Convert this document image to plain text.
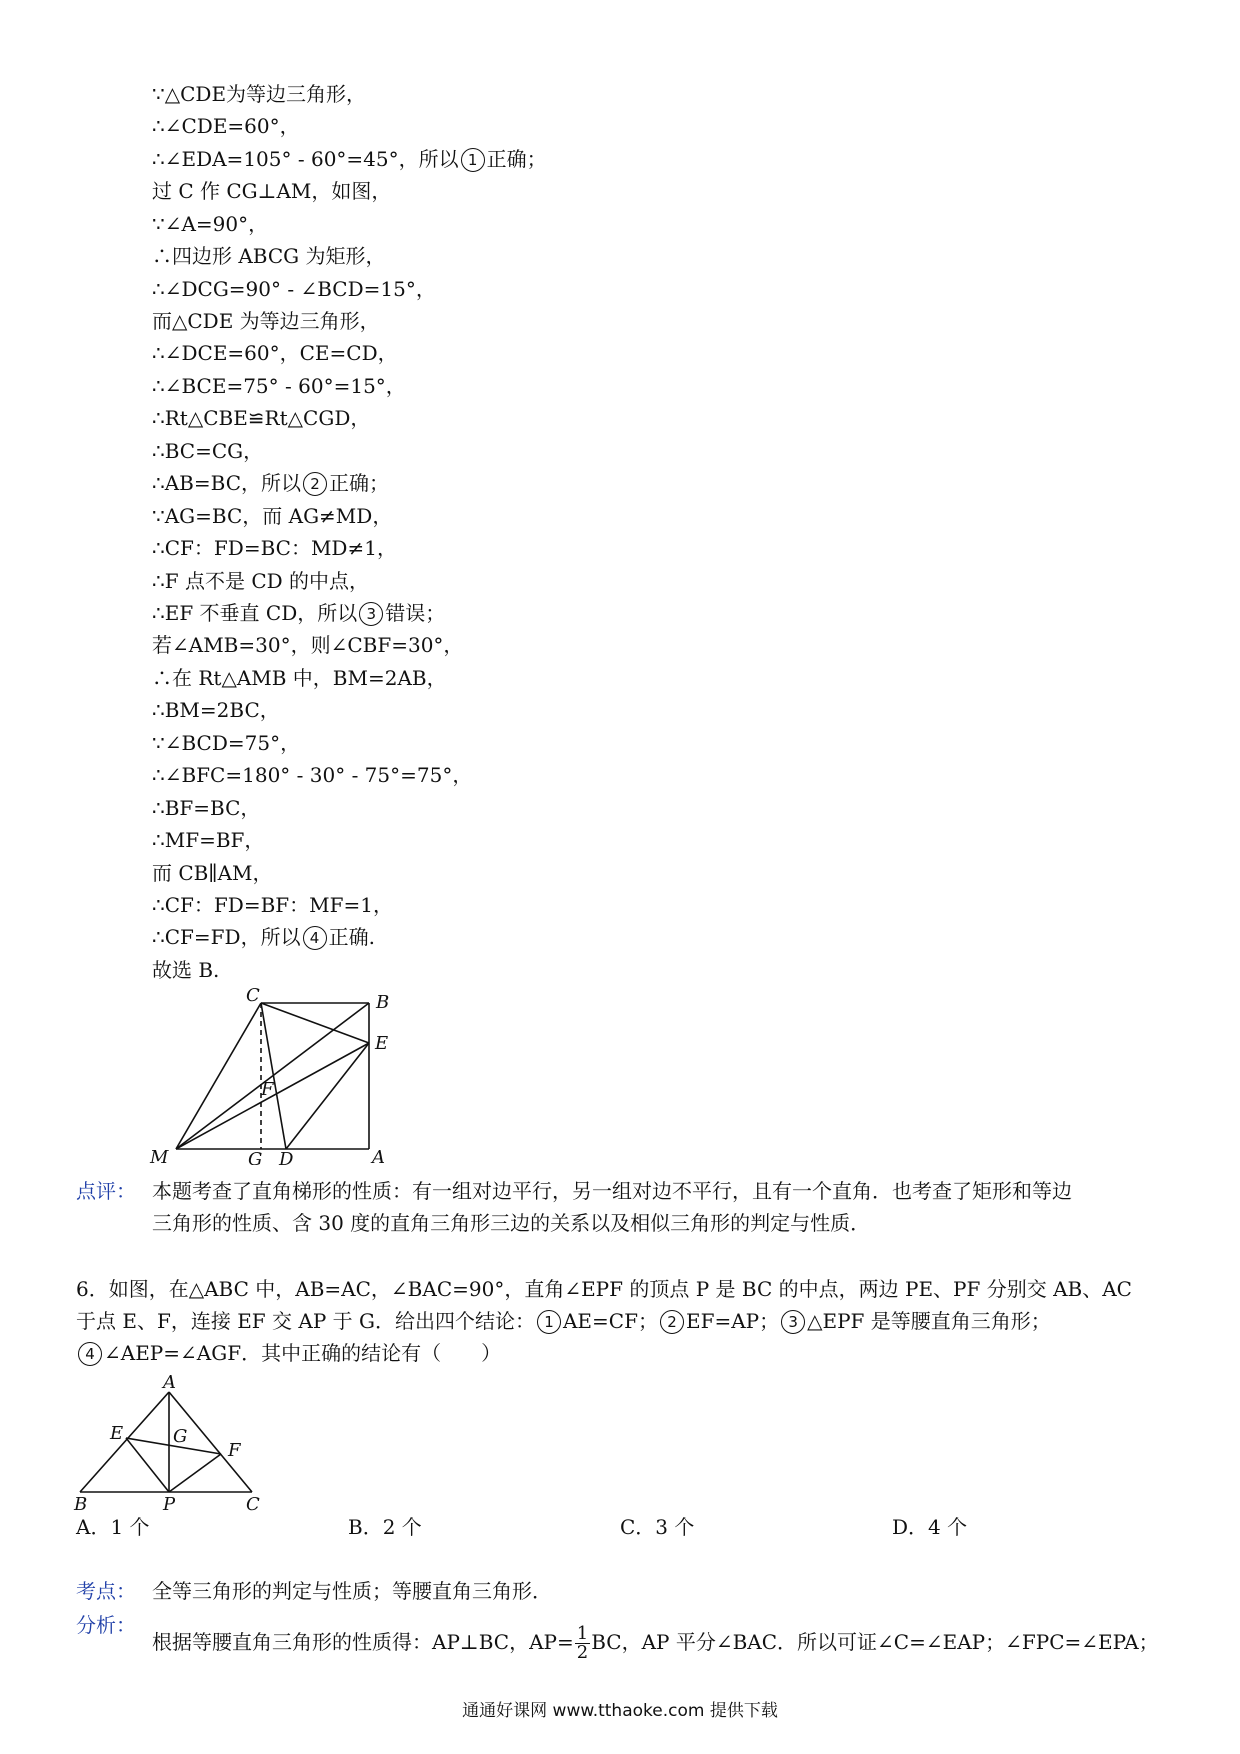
∵△CDE为等边三角形，
∴∠CDE=60°，
∴∠EDA=105° - 60°=45°，所以 1 正确；
过 C 作 CG⊥AM，如图，
∵∠A=90°，
∴四边形 ABCG 为矩形，
∴∠DCG=90° - ∠BCD=15°，
而△CDE 为等边三角形，
∴∠DCE=60°，CE=CD，
∴∠BCE=75° - 60°=15°，
∴Rt△CBE≌Rt△CGD，
∴BC=CG，
∴AB=BC，所以 2 正确；
∵AG=BC，而 AG≠MD，
∴CF：FD=BC：MD≠1，
∴F 点不是 CD 的中点，
∴EF 不垂直 CD，所以 3 错误；
若∠AMB=30°，则∠CBF=30°，
∴在 Rt△AMB 中，BM=2AB，
∴BM=2BC，
∵∠BCD=75°，
∴∠BFC=180° - 30° - 75°=75°，
∴BF=BC，
∴MF=BF，
而 CB∥AM，
∴CF：FD=BF：MF=1，
∴CF=FD，所以 4 正确.
故选 B.
C	B
E
F
M	G D	A
点评： 本题考查了直角梯形的性质：有一组对边平行，另一组对边不平行，且有一个直角．也考查了矩形和等边
三角形的性质、含 30 度的直角三角形三边的关系以及相似三角形的判定与性质．
6．如图，在△ABC 中，AB=AC，∠BAC=90°，直角∠EPF 的顶点 P 是 BC 的中点，两边 PE、PF 分别交 AB、AC
于点 E、F，连接 EF 交 AP 于 G．给出四个结论： 1 AE=CF； 2 EF=AP； 3 △EPF 是等腰直角三角形；
4 ∠AEP=∠AGF．其中正确的结论有（　　）
A
E	G
F
B	P	C
A．1 个	B．2 个	C．3 个	D．4 个
考点： 全等三角形的判定与性质；等腰直角三角形．
分析：
根据等腰直角三角形的性质得：AP⊥BC，$AP= \frac{1}{2}$ BC，AP 平分∠BAC．所以可证∠C=∠EAP；∠FPC=∠EPA；
通通好课网 www.tthaoke.com 提供下载
